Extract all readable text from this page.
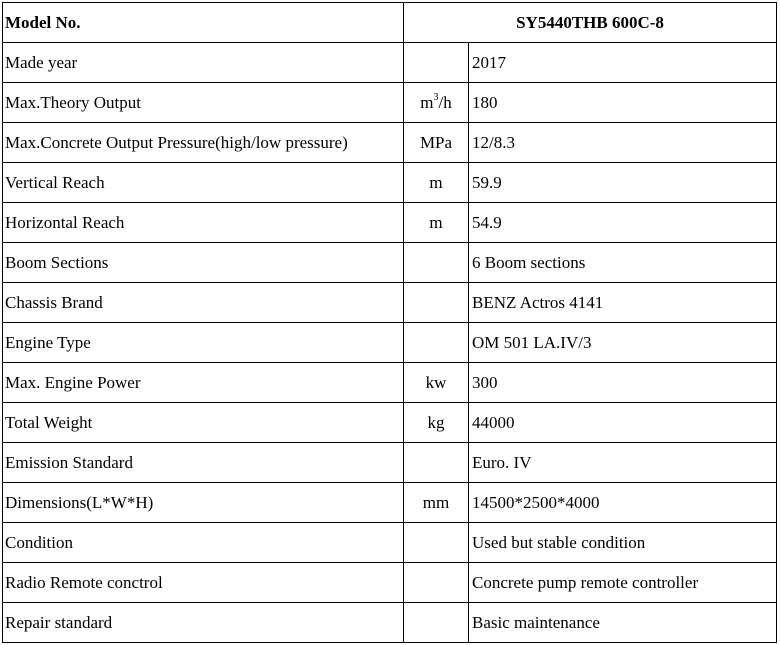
Model No.	SY5440THB 600C-8	
Made year		2017
Max.Theory Output	$m^3/h$	180
Max.Concrete Output Pressure(high/low pressure)	MPa	12/8.3
Vertical Reach	m	59.9
Horizontal Reach	m	54.9
Boom Sections		6 Boom sections
Chassis Brand		BENZ Actros 4141
Engine Type		OM 501 LA.IV/3
Max. Engine Power	kw	300
Total Weight	kg	44000
Emission Standard		Euro. IV
Dimensions(L*W*H)	mm	14500*2500*4000
Condition		Used but stable condition
Radio Remote conctrol		Concrete pump remote controller
Repair standard		Basic maintenance
